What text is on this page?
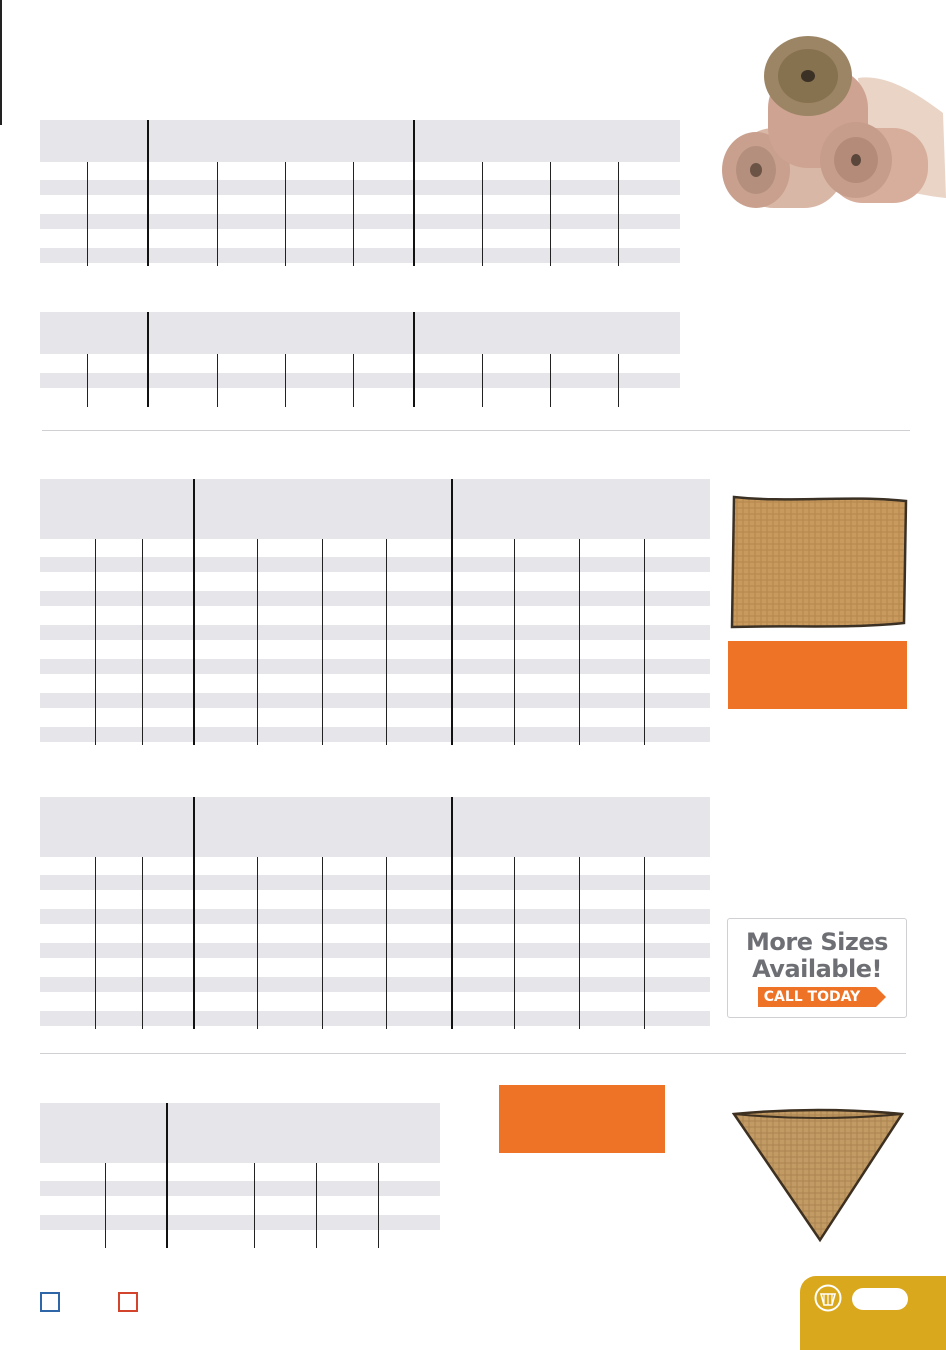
More Sizes
Available!
CALL TODAY
